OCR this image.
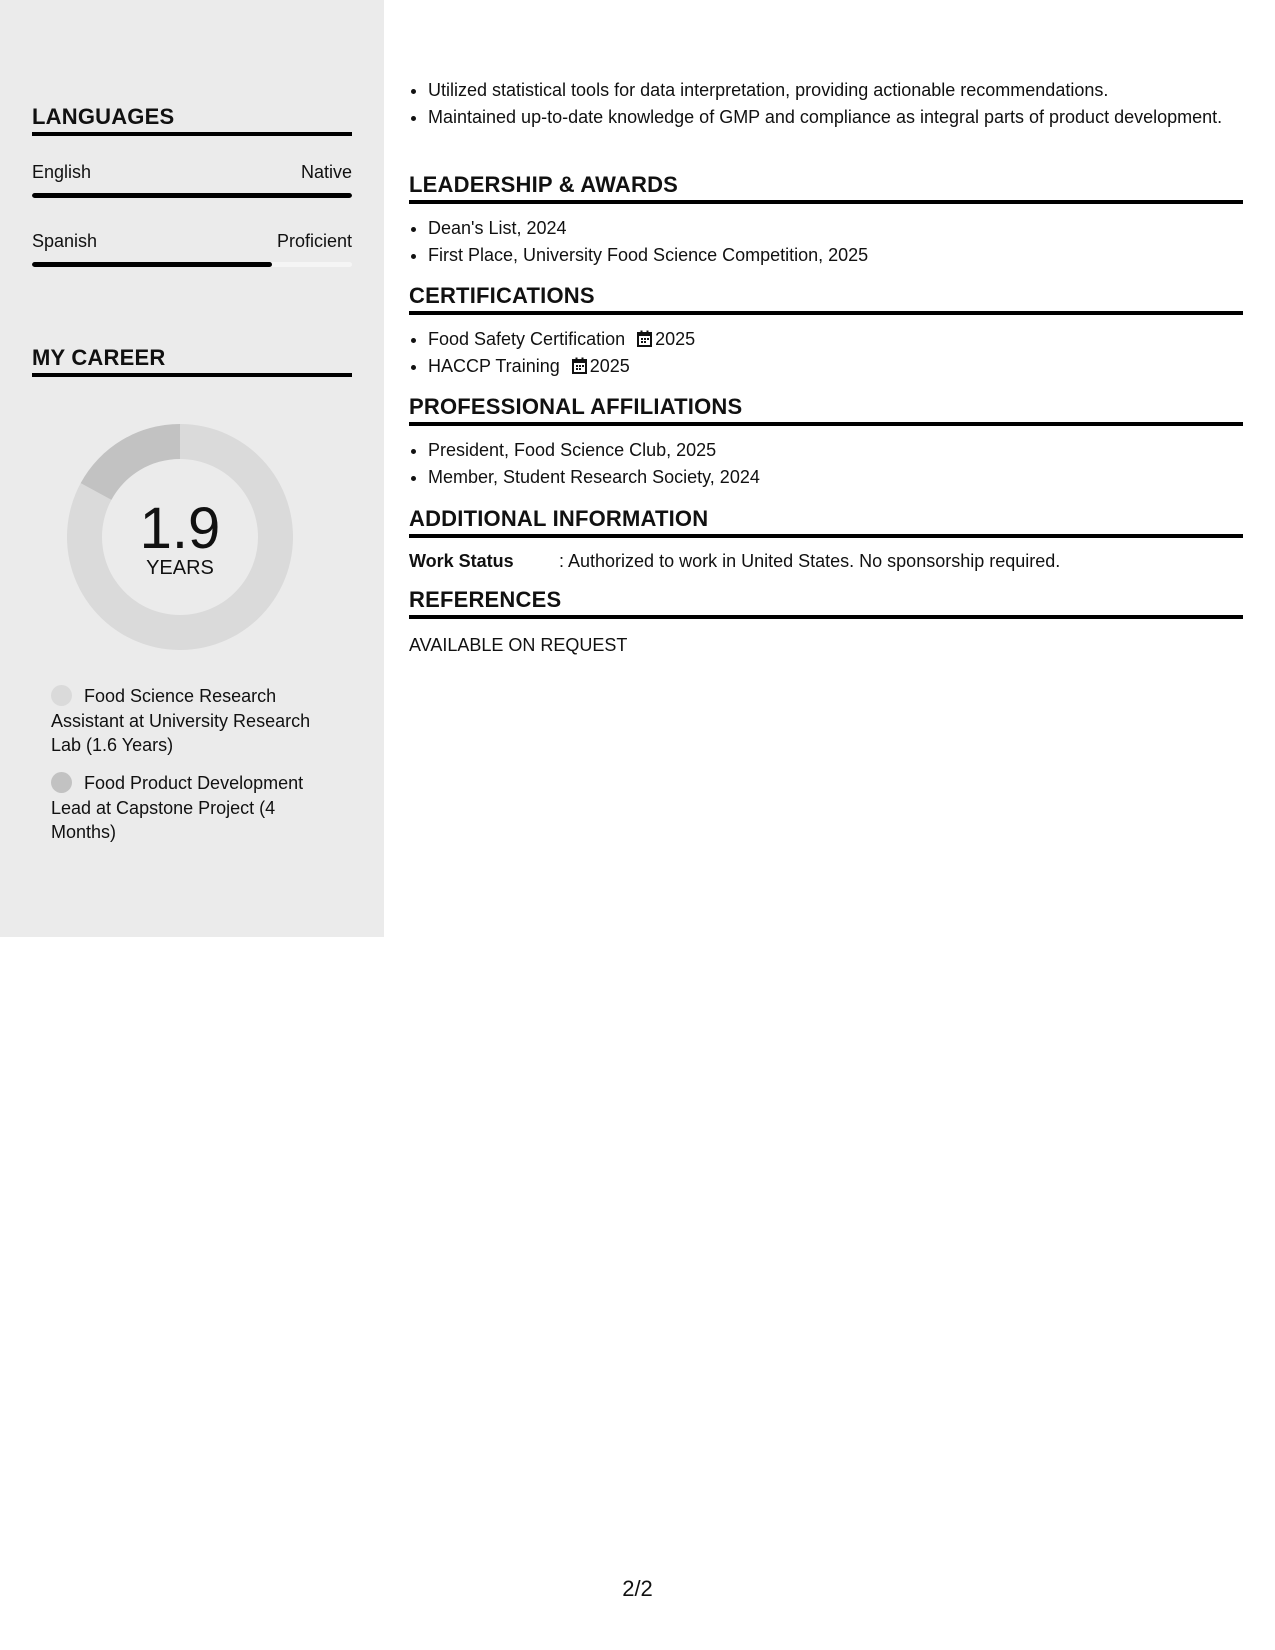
LANGUAGES
English	Native
Spanish	Proficient
MY CAREER
1.9
YEARS
Food Science Research Assistant at University Research Lab (1.6 Years)
Food Product Development Lead at Capstone Project (4 Months)
• Utilized statistical tools for data interpretation, providing actionable recommendations.
• Maintained up-to-date knowledge of GMP and compliance as integral parts of product development.
LEADERSHIP & AWARDS
• Dean's List, 2024
• First Place, University Food Science Competition, 2025
CERTIFICATIONS
• Food Safety Certification 2025
• HACCP Training 2025
PROFESSIONAL AFFILIATIONS
• President, Food Science Club, 2025
• Member, Student Research Society, 2024
ADDITIONAL INFORMATION
Work Status	: Authorized to work in United States. No sponsorship required.
REFERENCES
AVAILABLE ON REQUEST
2/2
